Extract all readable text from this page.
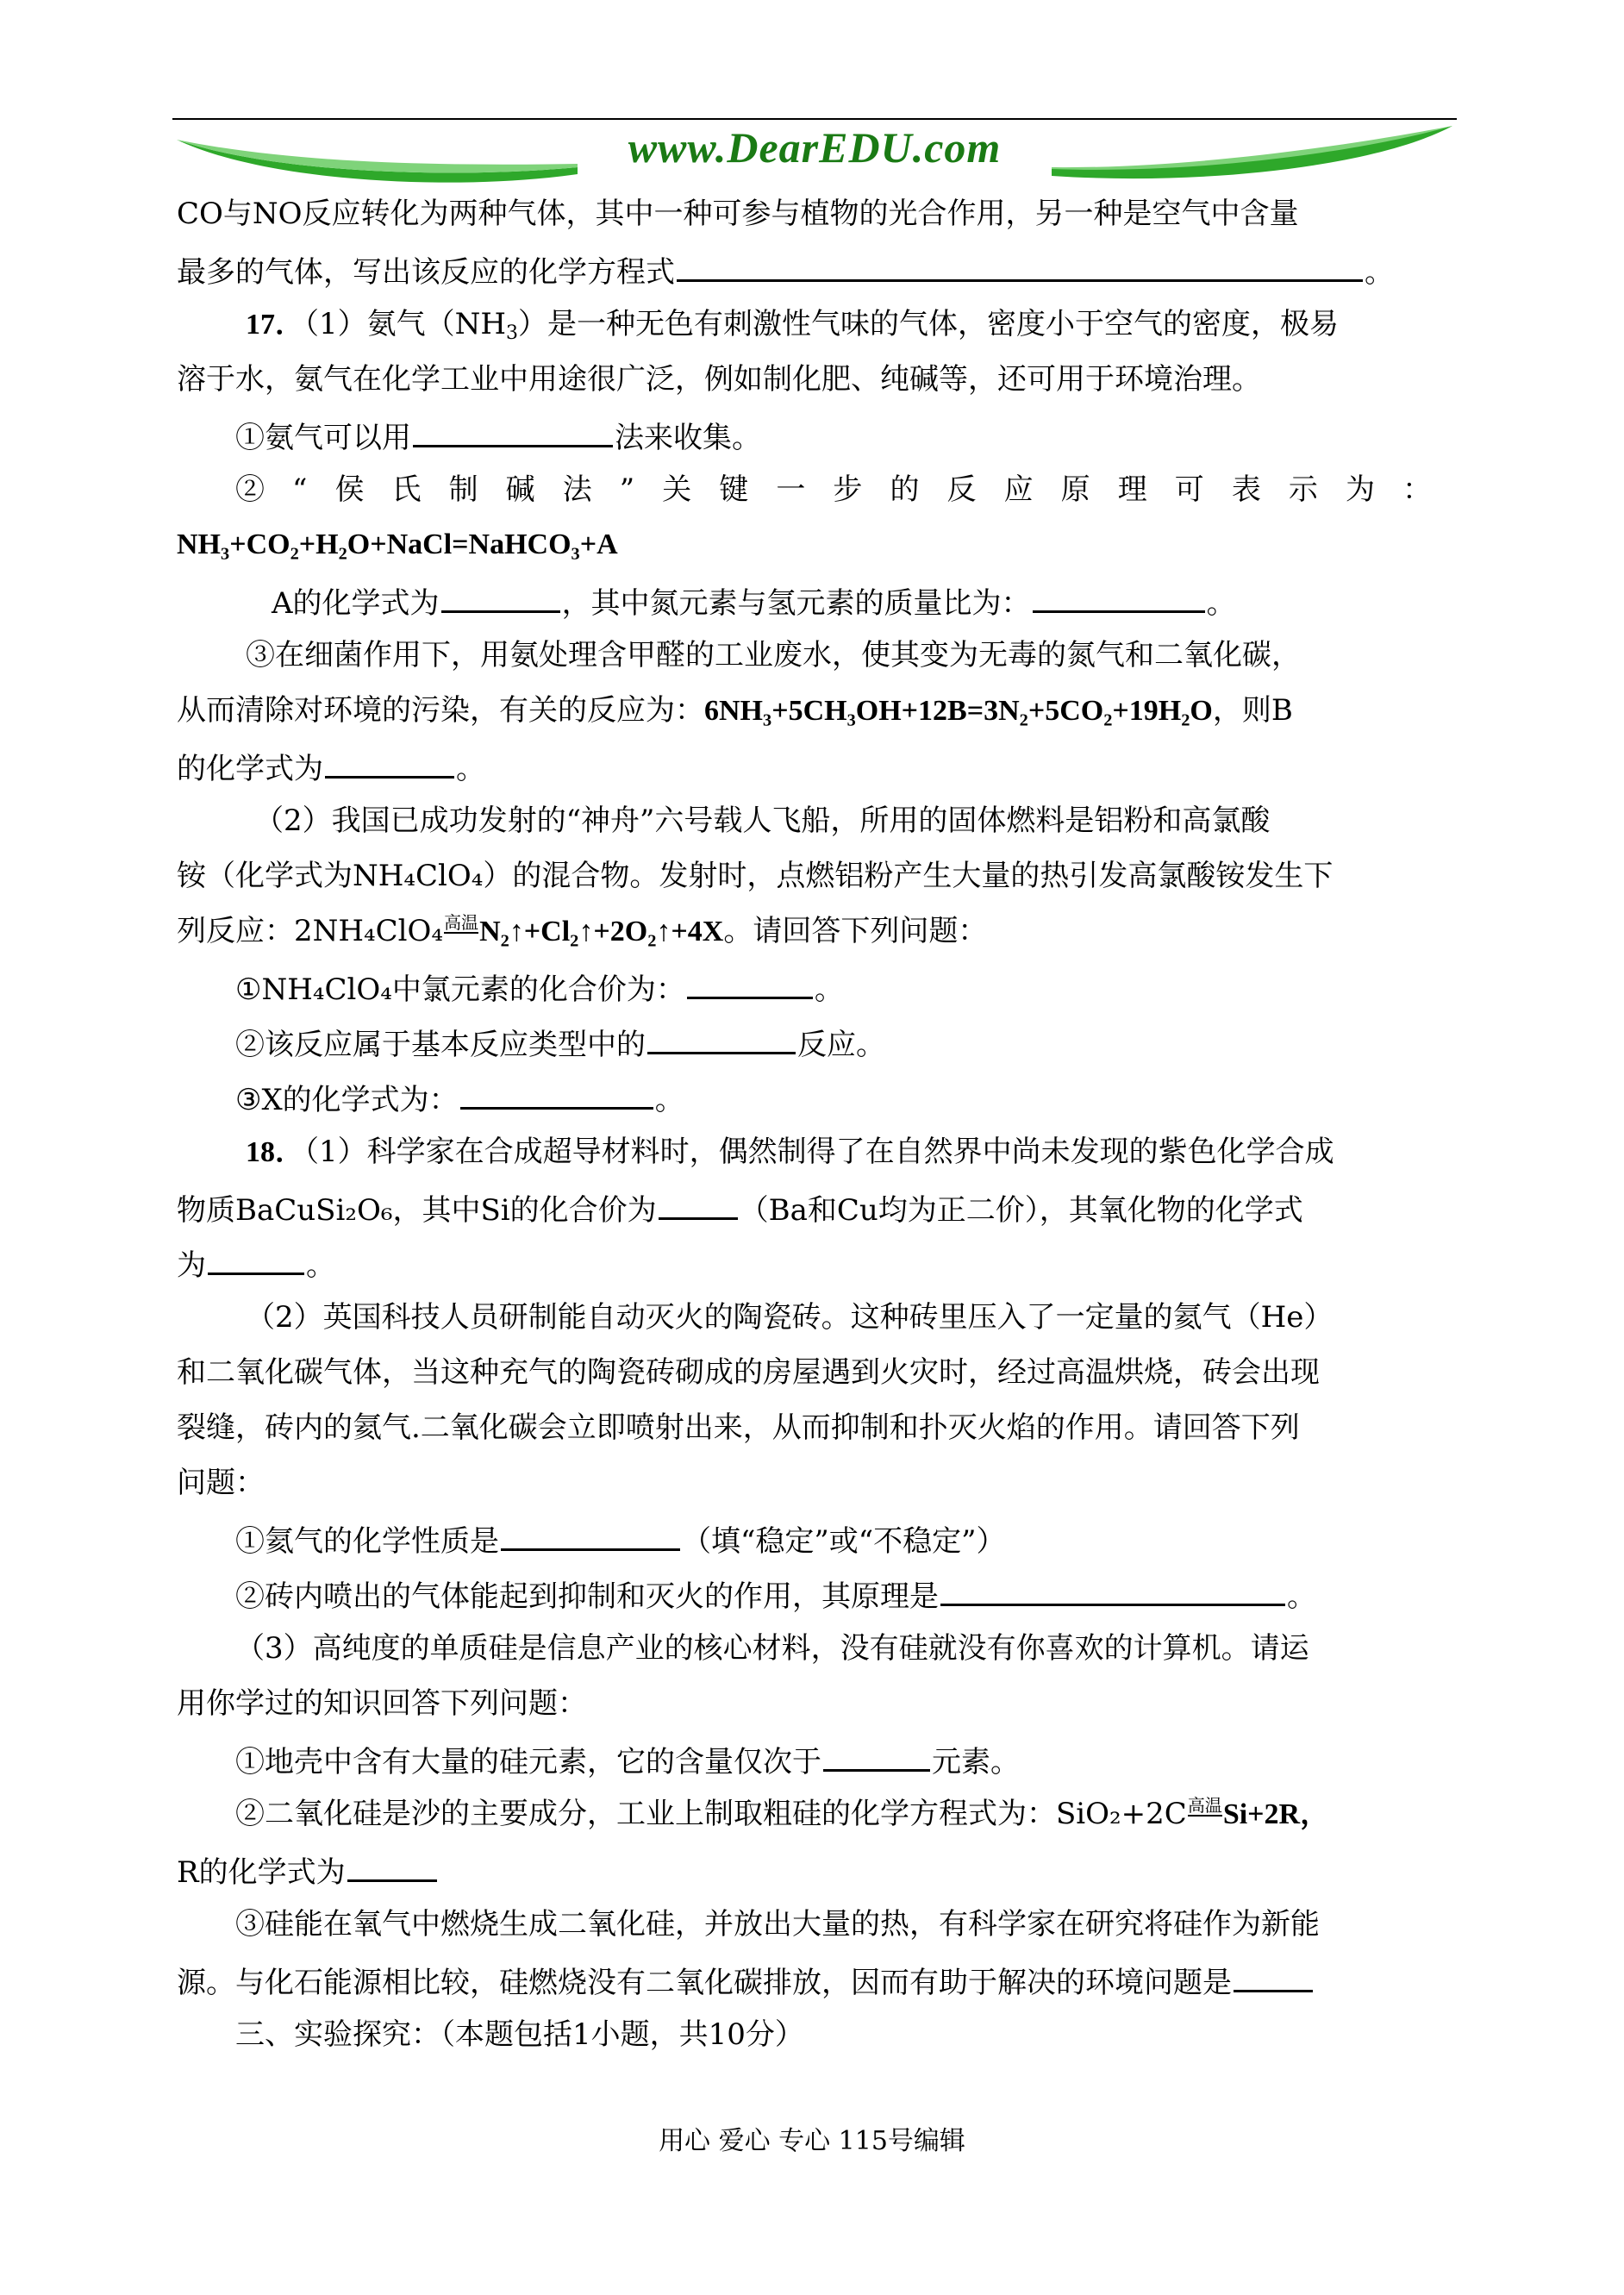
www.DearEDU.com
CO与NO反应转化为两种气体，其中一种可参与植物的光合作用，另一种是空气中含量
最多的气体，写出该反应的化学方程式	。
17．（1）氨气$(NH_3)$是一种无色有刺激性气味的气体，密度小于空气的密度，极易
溶于水，氨气在化学工业中用途很广泛，例如制化肥、纯碱等，还可用于环境治理。
①氨气可以用	法来收集。
②“侯氏制碱法”关键一步的反应原理可表示为：
NH₃+CO₂+H₂O+NaCl=NaHCO₃+A
A的化学式为	，其中氮元素与氢元素的质量比为：	。
③在细菌作用下，用氨处理含甲醛的工业废水，使其变为无毒的氮气和二氧化碳，
从而清除对环境的污染，有关的反应为：6NH₃+5CH₃OH+12B=3N₂+5CO₂+19H₂O，则B
的化学式为	。
（2）我国已成功发射的“神舟”六号载人飞船，所用的固体燃料是铝粉和高氯酸
铵（化学式为NH₄ClO₄）的混合物。发射时，点燃铝粉产生大量的热引发高氯酸铵发生下
列反应：2NH₄ClO₄ 高温 N₂↑+Cl₂↑+2O₂↑+4X。请回答下列问题：
①NH₄ClO₄中氯元素的化合价为：	。
②该反应属于基本反应类型中的	反应。
③X的化学式为：	。
18．（1）科学家在合成超导材料时，偶然制得了在自然界中尚未发现的紫色化学合成
物质BaCuSi₂O₆，其中Si的化合价为	（Ba和Cu均为正二价），其氧化物的化学式
为	。
（2）英国科技人员研制能自动灭火的陶瓷砖。这种砖里压入了一定量的氦气（He）
和二氧化碳气体，当这种充气的陶瓷砖砌成的房屋遇到火灾时，经过高温烘烧，砖会出现
裂缝，砖内的氦气.二氧化碳会立即喷射出来，从而抑制和扑灭火焰的作用。请回答下列
问题：
①氦气的化学性质是	（填“稳定”或“不稳定”）
②砖内喷出的气体能起到抑制和灭火的作用，其原理是	。
（3）高纯度的单质硅是信息产业的核心材料，没有硅就没有你喜欢的计算机。请运
用你学过的知识回答下列问题：
①地壳中含有大量的硅元素，它的含量仅次于	元素。
②二氧化硅是沙的主要成分，工业上制取粗硅的化学方程式为：SiO₂+2C 高温 Si+2R，
R的化学式为
③硅能在氧气中燃烧生成二氧化硅，并放出大量的热，有科学家在研究将硅作为新能
源。与化石能源相比较，硅燃烧没有二氧化碳排放，因而有助于解决的环境问题是
三、实验探究：（本题包括1小题，共10分）
用心 爱心 专心 115号编辑
